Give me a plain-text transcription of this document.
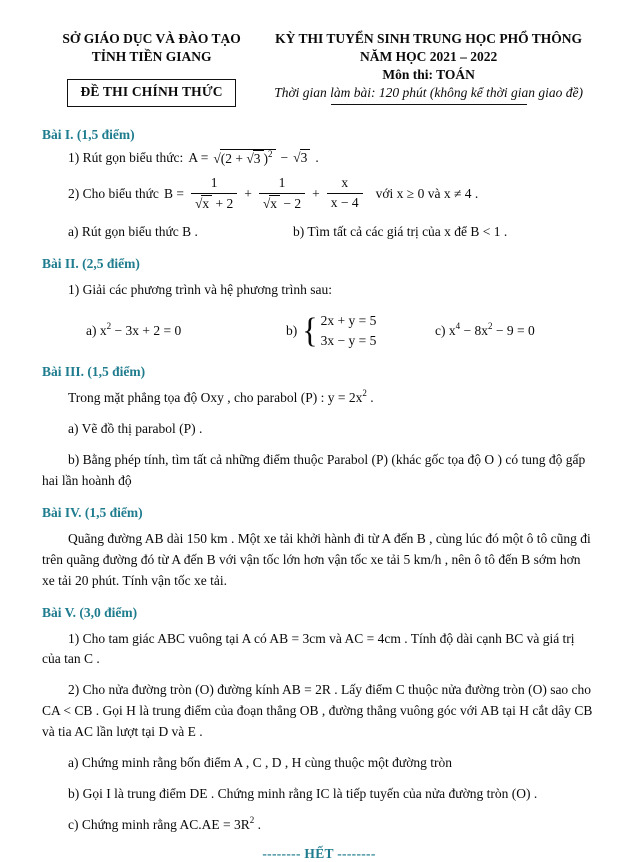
SỞ GIÁO DỤC VÀ ĐÀO TẠO
TỈNH TIỀN GIANG
ĐỀ THI CHÍNH THỨC
KỲ THI TUYỂN SINH TRUNG HỌC PHỔ THÔNG
NĂM HỌC 2021 – 2022
Môn thi: TOÁN
Thời gian làm bài: 120 phút (không kể thời gian giao đề)
Bài I. (1,5 điểm)
1) Rút gọn biểu thức: A = √(2 + √3 )$^2$ − √3 .
2) Cho biểu thức $B = \frac{1}{√x + 2} + \frac{1}{√x - 2} + \frac{x}{x - 4}$ với x ≥ 0 và x ≠ 4 .
a) Rút gọn biểu thức B .	b) Tìm tất cả các giá trị của x để B < 1 .
Bài II. (2,5 điểm)
1) Giải các phương trình và hệ phương trình sau:
a) $x^2 - 3x + 2 = 0$	b) { 2x + y = 5
3x − y = 5
c) $x^4 - 8x^2 - 9 = 0$
Bài III. (1,5 điểm)
Trong mặt phẳng tọa độ Oxy , cho parabol (P) : $y = 2x^2$ .
a) Vẽ đồ thị parabol (P) .
b) Bằng phép tính, tìm tất cả những điểm thuộc Parabol (P) (khác gốc tọa độ O ) có tung độ gấp hai lần hoành độ
Bài IV. (1,5 điểm)
Quãng đường AB dài 150 km . Một xe tải khởi hành đi từ A đến B , cùng lúc đó một ô tô cũng đi trên quãng đường đó từ A đến B với vận tốc lớn hơn vận tốc xe tải 5 km/h , nên ô tô đến B sớm hơn xe tải 20 phút. Tính vận tốc xe tải.
Bài V. (3,0 điểm)
1) Cho tam giác ABC vuông tại A có AB = 3cm và AC = 4cm . Tính độ dài cạnh BC và giá trị của tan C .
2) Cho nửa đường tròn (O) đường kính AB = 2R . Lấy điểm C thuộc nửa đường tròn (O) sao cho CA < CB . Gọi H là trung điểm của đoạn thẳng OB , đường thẳng vuông góc với AB tại H cắt dây CB và tia AC lần lượt tại D và E .
a) Chứng minh rằng bốn điểm A , C , D , H cùng thuộc một đường tròn
b) Gọi I là trung điểm DE . Chứng minh rằng IC là tiếp tuyến của nửa đường tròn (O) .
c) Chứng minh rằng $AC.AE = 3R^2$ .
-------- HẾT --------
